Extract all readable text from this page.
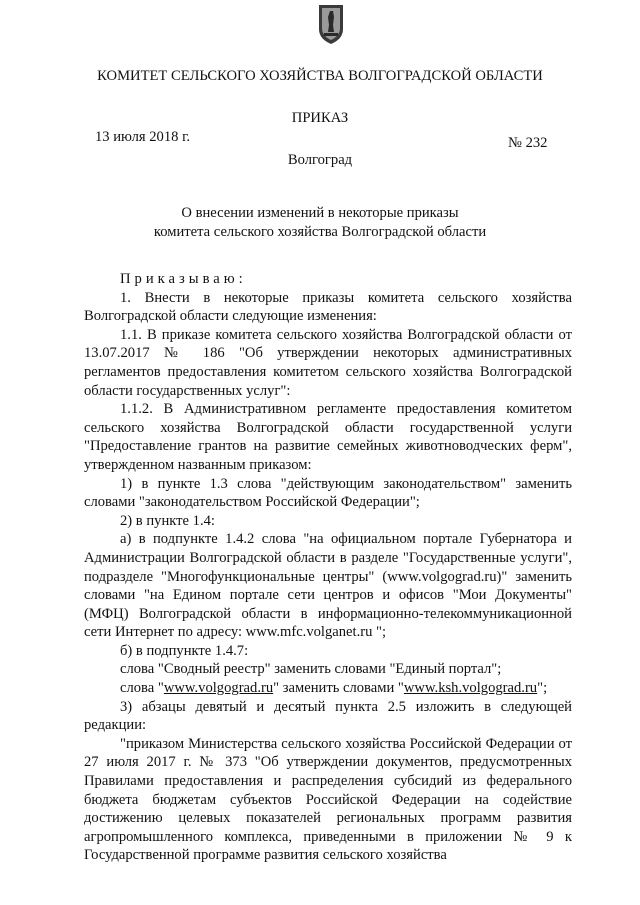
КОМИТЕТ СЕЛЬСКОГО ХОЗЯЙСТВА ВОЛГОГРАДСКОЙ ОБЛАСТИ
ПРИКАЗ
13 июля 2018 г.	№ 232
Волгоград
О внесении изменений в некоторые приказы
комитета сельского хозяйства Волгоградской области

Приказываю:

1. Внести в некоторые приказы комитета сельского хозяйства Волгоградской области следующие изменения:

1.1. В приказе комитета сельского хозяйства Волгоградской области от 13.07.2017 № 186 "Об утверждении некоторых административных регламентов предоставления комитетом сельского хозяйства Волгоградской области государственных услуг":

1.1.2. В Административном регламенте предоставления комитетом сельского хозяйства Волгоградской области государственной услуги "Предоставление грантов на развитие семейных животноводческих ферм", утвержденном названным приказом:

1) в пункте 1.3 слова "действующим законодательством" заменить словами "законодательством Российской Федерации";

2) в пункте 1.4:

а) в подпункте 1.4.2 слова "на официальном портале Губернатора и Администрации Волгоградской области в разделе "Государственные услуги", подразделе "Многофункциональные центры" (www.volgograd.ru)" заменить словами "на Едином портале сети центров и офисов "Мои Документы" (МФЦ) Волгоградской области в информационно-телекоммуникационной сети Интернет по адресу: www.mfc.volganet.ru ";

б) в подпункте 1.4.7:

слова "Сводный реестр" заменить словами "Единый портал";

слова "www.volgograd.ru" заменить словами "www.ksh.volgograd.ru";

3) абзацы девятый и десятый пункта 2.5 изложить в следующей редакции:

"приказом Министерства сельского хозяйства Российской Федерации от 27 июля 2017 г. № 373 "Об утверждении документов, предусмотренных Правилами предоставления и распределения субсидий из федерального бюджета бюджетам субъектов Российской Федерации на содействие достижению целевых показателей региональных программ развития агропромышленного комплекса, приведенными в приложении № 9 к Государственной программе развития сельского хозяйства
